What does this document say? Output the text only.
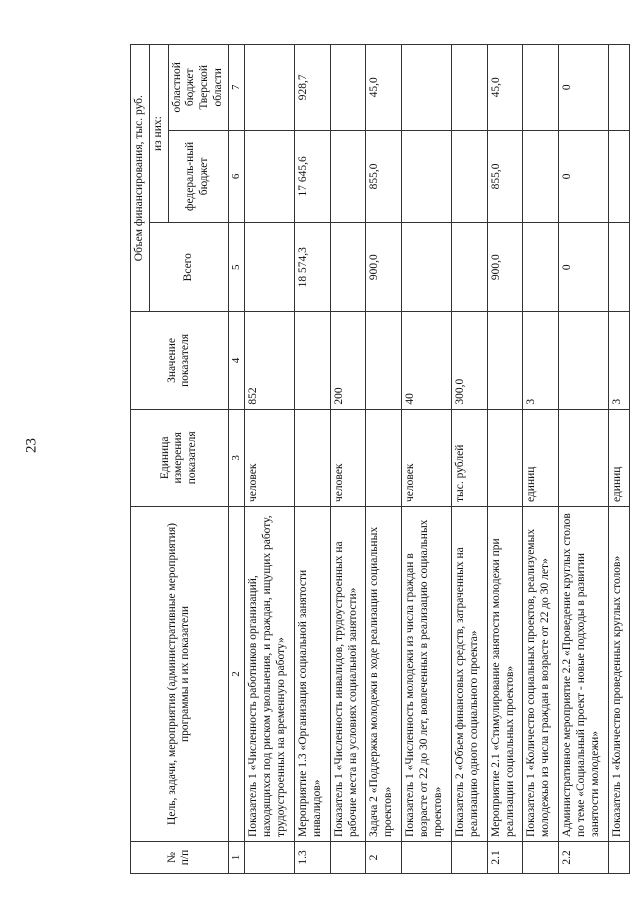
23
№ п/п	Цель, задачи, мероприятия (административные мероприятия) программы и их показатели	Единица измерения показателя	Значение показателя	Объем финансирования, тыс. руб.		
				Всего	из них:	
					федераль-ный бюджет	областной бюджет Тверской области
1	2	3	4	5	6	7
	Показатель 1 «Численность работников организаций, находящихся под риском увольнения, и граждан, ищущих работу, трудоустроенных на временную работу»	человек	852			
1.3	Мероприятие 1.3 «Организация социальной занятости инвалидов»			18 574,3	17 645,6	928,7
	Показатель 1 «Численность инвалидов, трудоустроенных на рабочие места на условиях социальной занятости»	человек	200			
2	Задача 2 «Поддержка молодежи в ходе реализации социальных проектов»			900,0	855,0	45,0
	Показатель 1 «Численность молодежи из числа граждан в возрасте от 22 до 30 лет, вовлеченных в реализацию социальных проектов»	человек	40			
	Показатель 2 «Объем финансовых средств, затраченных на реализацию одного социального проекта»	тыс. рублей	300,0			
2.1	Мероприятие 2.1 «Стимулирование занятости молодежи при реализации социальных проектов»			900,0	855,0	45,0
	Показатель 1 «Количество социальных проектов, реализуемых молодежью из числа граждан в возрасте от 22 до 30 лет»	единиц	3			
2.2	Административное мероприятие 2.2 «Проведение круглых столов по теме «Социальный проект - новые подходы в развитии занятости молодежи»			0	0	0
	Показатель 1 «Количество проведенных круглых столов»	единиц	3			
